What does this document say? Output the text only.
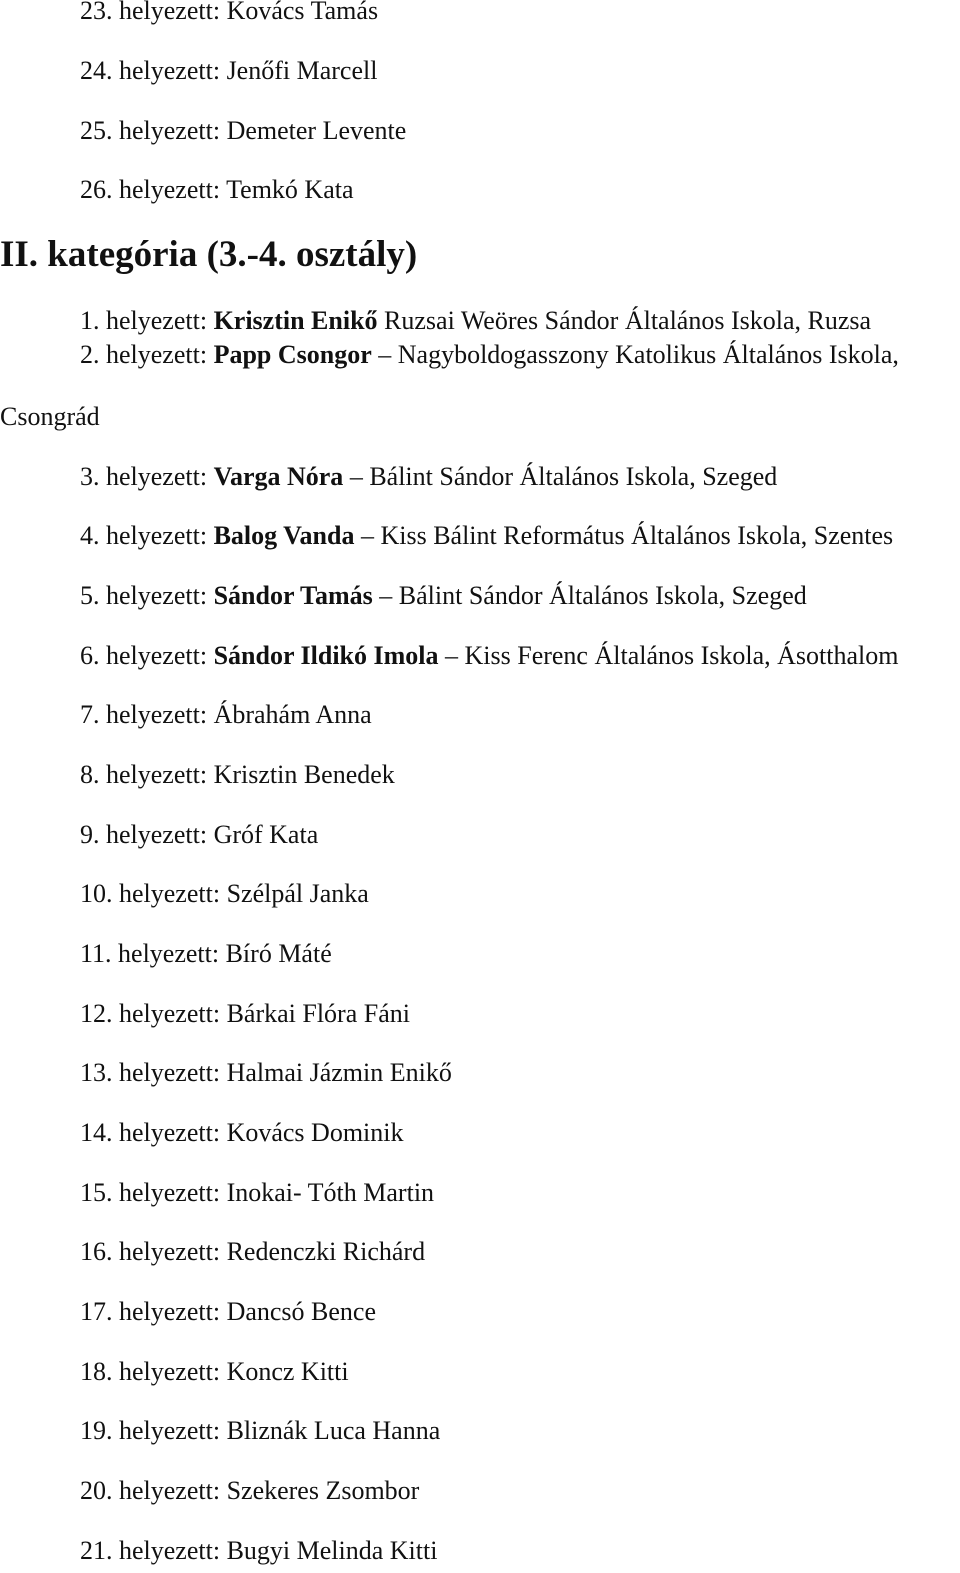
23. helyezett: Kovács Tamás
24. helyezett: Jenőfi Marcell
25. helyezett: Demeter Levente
26. helyezett: Temkó Kata
II. kategória (3.-4. osztály)
1. helyezett: Krisztin Enikő Ruzsai Weöres Sándor Általános Iskola, Ruzsa
2. helyezett: Papp Csongor – Nagyboldogasszony Katolikus Általános Iskola,
Csongrád
3. helyezett: Varga Nóra – Bálint Sándor Általános Iskola, Szeged
4. helyezett: Balog Vanda – Kiss Bálint Református Általános Iskola, Szentes
5. helyezett: Sándor Tamás – Bálint Sándor Általános Iskola, Szeged
6. helyezett: Sándor Ildikó Imola – Kiss Ferenc Általános Iskola, Ásotthalom
7. helyezett: Ábrahám Anna
8. helyezett: Krisztin Benedek
9. helyezett: Gróf Kata
10. helyezett: Szélpál Janka
11. helyezett: Bíró Máté
12. helyezett: Bárkai Flóra Fáni
13. helyezett: Halmai Jázmin Enikő
14. helyezett: Kovács Dominik
15. helyezett: Inokai- Tóth Martin
16. helyezett: Redenczki Richárd
17. helyezett: Dancsó Bence
18. helyezett: Koncz Kitti
19. helyezett: Bliznák Luca Hanna
20. helyezett: Szekeres Zsombor
21. helyezett: Bugyi Melinda Kitti
